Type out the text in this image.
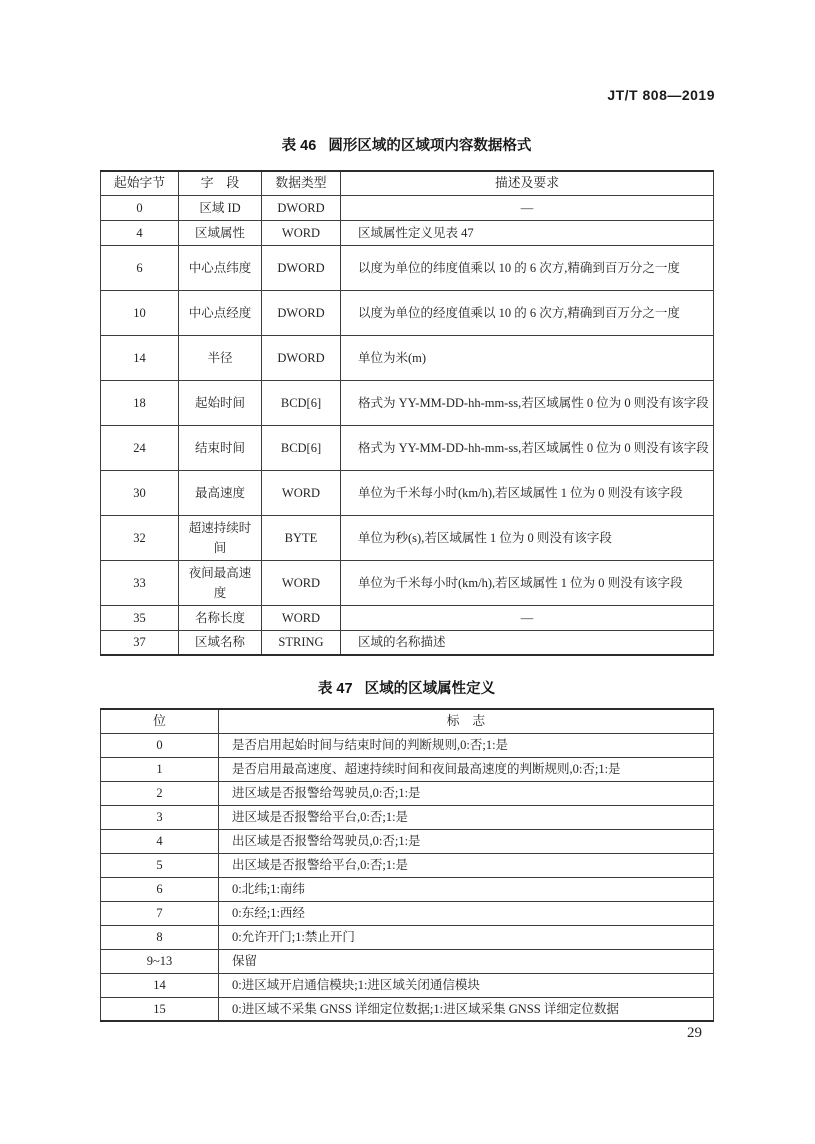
JT/T 808—2019
表 46   圆形区域的区域项内容数据格式
起始字节	字    段	数据类型	描述及要求
0	区域 ID	DWORD	—
4	区域属性	WORD	区域属性定义见表 47
6	中心点纬度	DWORD	以度为单位的纬度值乘以 10 的 6 次方,精确到百万分之一度
10	中心点经度	DWORD	以度为单位的经度值乘以 10 的 6 次方,精确到百万分之一度
14	半径	DWORD	单位为米(m)
18	起始时间	BCD[6]	格式为 YY-MM-DD-hh-mm-ss,若区域属性 0 位为 0 则没有该字段
24	结束时间	BCD[6]	格式为 YY-MM-DD-hh-mm-ss,若区域属性 0 位为 0 则没有该字段
30	最高速度	WORD	单位为千米每小时(km/h),若区域属性 1 位为 0 则没有该字段
32	超速持续时间	BYTE	单位为秒(s),若区域属性 1 位为 0 则没有该字段
33	夜间最高速度	WORD	单位为千米每小时(km/h),若区域属性 1 位为 0 则没有该字段
35	名称长度	WORD	—
37	区域名称	STRING	区域的名称描述
表 47   区域的区域属性定义
位	标    志
0	是否启用起始时间与结束时间的判断规则,0:否;1:是
1	是否启用最高速度、超速持续时间和夜间最高速度的判断规则,0:否;1:是
2	进区域是否报警给驾驶员,0:否;1:是
3	进区域是否报警给平台,0:否;1:是
4	出区域是否报警给驾驶员,0:否;1:是
5	出区域是否报警给平台,0:否;1:是
6	0:北纬;1:南纬
7	0:东经;1:西经
8	0:允许开门;1:禁止开门
9~13	保留
14	0:进区域开启通信模块;1:进区域关闭通信模块
15	0:进区域不采集 GNSS 详细定位数据;1:进区域采集 GNSS 详细定位数据
29
